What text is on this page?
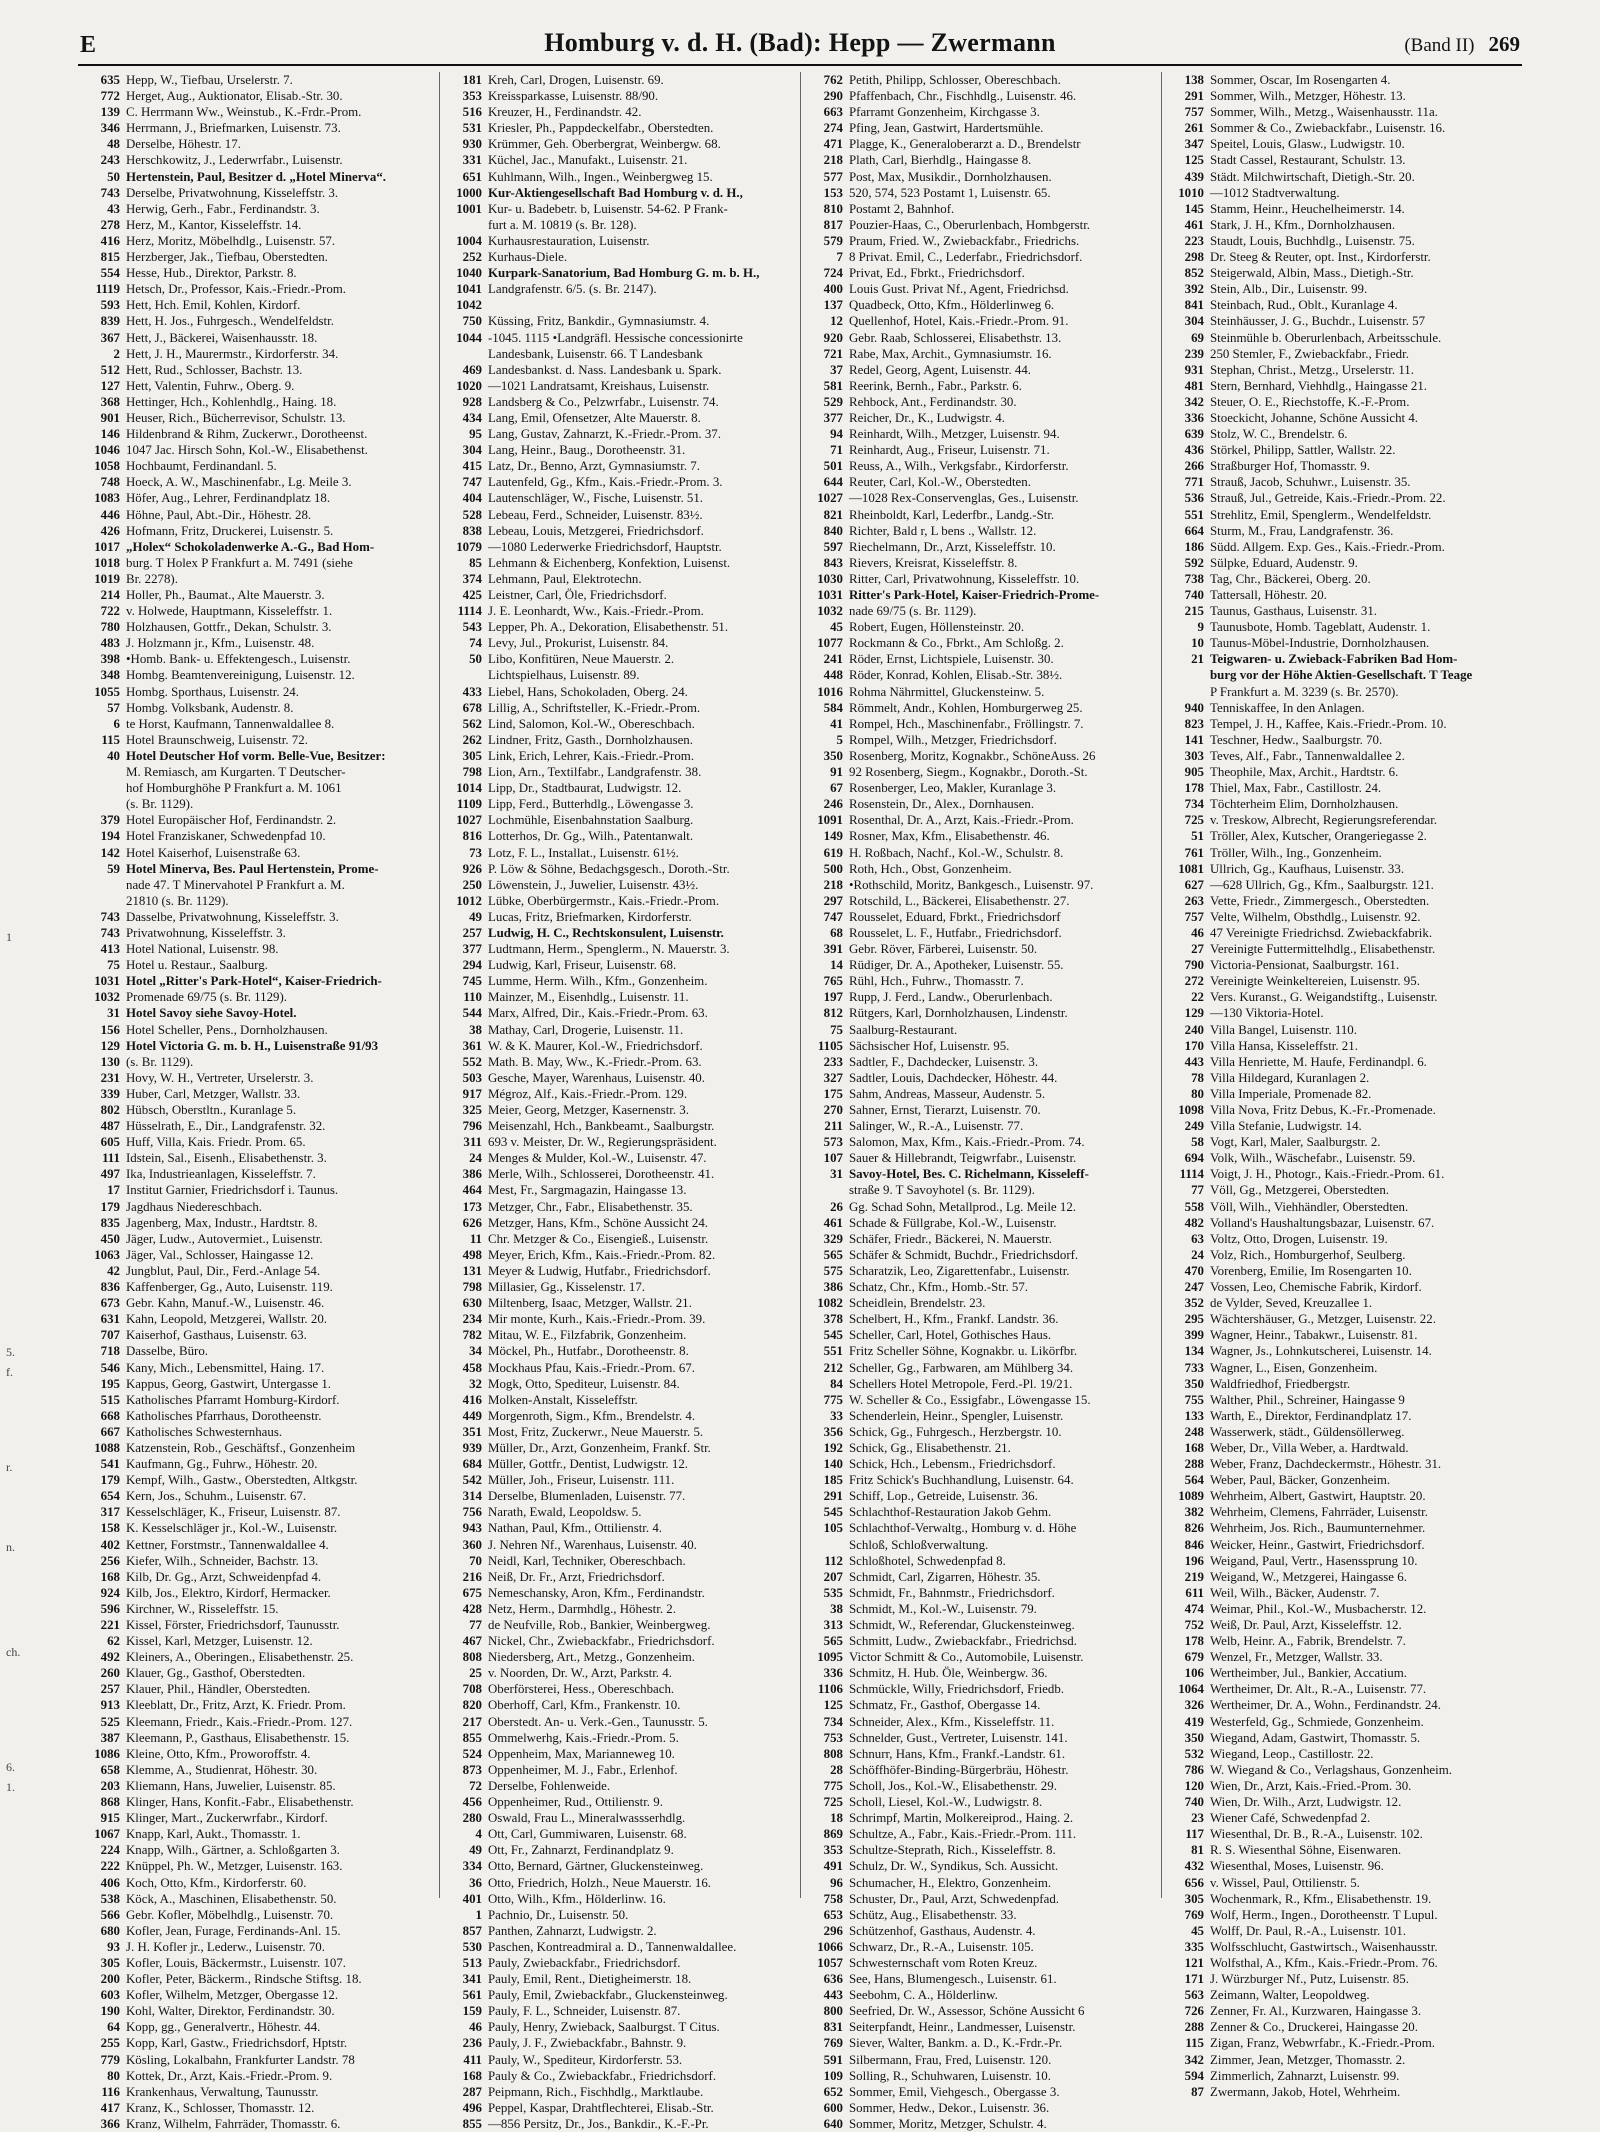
1
5.
f.
r.
n.
ch.
6.
1.
E	Homburg v. d. H. (Bad): Hepp — Zwermann	(Band II) 269
635 Hepp, W., Tiefbau, Urselerstr. 7.
772 Herget, Aug., Auktionator, Elisab.-Str. 30.
139 C. Herrmann Ww., Weinstub., K.-Frdr.-Prom.
346 Herrmann, J., Briefmarken, Luisenstr. 73.
48 Derselbe, Höhestr. 17.
243 Herschkowitz, J., Lederwrfabr., Luisenstr.
50 Hertenstein, Paul, Besitzer d. „Hotel Minerva“.
743 Derselbe, Privatwohnung, Kisseleffstr. 3.
43 Herwig, Gerh., Fabr., Ferdinandstr. 3.
278 Herz, M., Kantor, Kisseleffstr. 14.
416 Herz, Moritz, Möbelhdlg., Luisenstr. 57.
815 Herzberger, Jak., Tiefbau, Oberstedten.
554 Hesse, Hub., Direktor, Parkstr. 8.
1119 Hetsch, Dr., Professor, Kais.-Friedr.-Prom.
593 Hett, Hch. Emil, Kohlen, Kirdorf.
839 Hett, H. Jos., Fuhrgesch., Wendelfeldstr.
367 Hett, J., Bäckerei, Waisenhausstr. 18.
2 Hett, J. H., Maurermstr., Kirdorferstr. 34.
512 Hett, Rud., Schlosser, Bachstr. 13.
127 Hett, Valentin, Fuhrw., Oberg. 9.
368 Hettinger, Hch., Kohlenhdlg., Haing. 18.
901 Heuser, Rich., Bücherrevisor, Schulstr. 13.
146 Hildenbrand & Rihm, Zuckerwr., Dorotheenst.
1046 1047 Jac. Hirsch Sohn, Kol.-W., Elisabethenst.
1058 Hochbaumt, Ferdinandanl. 5.
748 Hoeck, A. W., Maschinenfabr., Lg. Meile 3.
1083 Höfer, Aug., Lehrer, Ferdinandplatz 18.
446 Höhne, Paul, Abt.-Dir., Höhestr. 28.
426 Hofmann, Fritz, Druckerei, Luisenstr. 5.
1017 „Holex“ Schokoladenwerke A.-G., Bad Hom-
1018 burg. T Holex P Frankfurt a. M. 7491 (siehe
1019 Br. 2278).
214 Holler, Ph., Baumat., Alte Mauerstr. 3.
722 v. Holwede, Hauptmann, Kisseleffstr. 1.
780 Holzhausen, Gottfr., Dekan, Schulstr. 3.
483 J. Holzmann jr., Kfm., Luisenstr. 48.
398 •Homb. Bank- u. Effektengesch., Luisenstr.
348 Hombg. Beamtenvereinigung, Luisenstr. 12.
1055 Hombg. Sporthaus, Luisenstr. 24.
57 Hombg. Volksbank, Audenstr. 8.
6 te Horst, Kaufmann, Tannenwaldallee 8.
115 Hotel Braunschweig, Luisenstr. 72.
40 Hotel Deutscher Hof vorm. Belle-Vue, Besitzer:
M. Remiasch, am Kurgarten. T Deutscher-
hof Homburghöhe P Frankfurt a. M. 1061
(s. Br. 1129).
379 Hotel Europäischer Hof, Ferdinandstr. 2.
194 Hotel Franziskaner, Schwedenpfad 10.
142 Hotel Kaiserhof, Luisenstraße 63.
59 Hotel Minerva, Bes. Paul Hertenstein, Prome-
nade 47. T Minervahotel P Frankfurt a. M.
21810 (s. Br. 1129).
743 Dasselbe, Privatwohnung, Kisseleffstr. 3.
743 Privatwohnung, Kisseleffstr. 3.
413 Hotel National, Luisenstr. 98.
75 Hotel u. Restaur., Saalburg.
1031 Hotel „Ritter's Park-Hotel“, Kaiser-Friedrich-
1032 Promenade 69/75 (s. Br. 1129).
31 Hotel Savoy siehe Savoy-Hotel.
156 Hotel Scheller, Pens., Dornholzhausen.
129 Hotel Victoria G. m. b. H., Luisenstraße 91/93
130 (s. Br. 1129).
231 Hovy, W. H., Vertreter, Urselerstr. 3.
339 Huber, Carl, Metzger, Wallstr. 33.
802 Hübsch, Oberstltn., Kuranlage 5.
487 Hüsselrath, E., Dir., Landgrafenstr. 32.
605 Huff, Villa, Kais. Friedr. Prom. 65.
111 Idstein, Sal., Eisenh., Elisabethenstr. 3.
497 Ika, Industrieanlagen, Kisseleffstr. 7.
17 Institut Garnier, Friedrichsdorf i. Taunus.
179 Jagdhaus Niedereschbach.
835 Jagenberg, Max, Industr., Hardtstr. 8.
450 Jäger, Ludw., Autovermiet., Luisenstr.
1063 Jäger, Val., Schlosser, Haingasse 12.
42 Jungblut, Paul, Dir., Ferd.-Anlage 54.
836 Kaffenberger, Gg., Auto, Luisenstr. 119.
673 Gebr. Kahn, Manuf.-W., Luisenstr. 46.
631 Kahn, Leopold, Metzgerei, Wallstr. 20.
707 Kaiserhof, Gasthaus, Luisenstr. 63.
718 Dasselbe, Büro.
546 Kany, Mich., Lebensmittel, Haing. 17.
195 Kappus, Georg, Gastwirt, Untergasse 1.
515 Katholisches Pfarramt Homburg-Kirdorf.
668 Katholisches Pfarrhaus, Dorotheenstr.
667 Katholisches Schwesternhaus.
1088 Katzenstein, Rob., Geschäftsf., Gonzenheim
541 Kaufmann, Gg., Fuhrw., Höhestr. 20.
179 Kempf, Wilh., Gastw., Oberstedten, Altkgstr.
654 Kern, Jos., Schuhm., Luisenstr. 67.
317 Kesselschläger, K., Friseur, Luisenstr. 87.
158 K. Kesselschläger jr., Kol.-W., Luisenstr.
402 Kettner, Forstmstr., Tannenwaldallee 4.
256 Kiefer, Wilh., Schneider, Bachstr. 13.
168 Kilb, Dr. Gg., Arzt, Schweidenpfad 4.
924 Kilb, Jos., Elektro, Kirdorf, Hermacker.
596 Kirchner, W., Risseleffstr. 15.
221 Kissel, Förster, Friedrichsdorf, Taunusstr.
62 Kissel, Karl, Metzger, Luisenstr. 12.
492 Kleiners, A., Oberingen., Elisabethenstr. 25.
260 Klauer, Gg., Gasthof, Oberstedten.
257 Klauer, Phil., Händler, Oberstedten.
913 Kleeblatt, Dr., Fritz, Arzt, K. Friedr. Prom.
525 Kleemann, Friedr., Kais.-Friedr.-Prom. 127.
387 Kleemann, P., Gasthaus, Elisabethenstr. 15.
1086 Kleine, Otto, Kfm., Proworoffstr. 4.
658 Klemme, A., Studienrat, Höhestr. 30.
203 Kliemann, Hans, Juwelier, Luisenstr. 85.
868 Klinger, Hans, Konfit.-Fabr., Elisabethenstr.
915 Klinger, Mart., Zuckerwrfabr., Kirdorf.
1067 Knapp, Karl, Aukt., Thomasstr. 1.
224 Knapp, Wilh., Gärtner, a. Schloßgarten 3.
222 Knüppel, Ph. W., Metzger, Luisenstr. 163.
406 Koch, Otto, Kfm., Kirdorferstr. 60.
538 Köck, A., Maschinen, Elisabethenstr. 50.
566 Gebr. Kofler, Möbelhdlg., Luisenstr. 70.
680 Kofler, Jean, Furage, Ferdinands-Anl. 15.
93 J. H. Kofler jr., Lederw., Luisenstr. 70.
305 Kofler, Louis, Bäckermstr., Luisenstr. 107.
200 Kofler, Peter, Bäckerm., Rindsche Stiftsg. 18.
603 Kofler, Wilhelm, Metzger, Obergasse 12.
190 Kohl, Walter, Direktor, Ferdinandstr. 30.
64 Kopp, gg., Generalvertr., Höhestr. 44.
255 Kopp, Karl, Gastw., Friedrichsdorf, Hptstr.
779 Kösling, Lokalbahn, Frankfurter Landstr. 78
80 Kottek, Dr., Arzt, Kais.-Friedr.-Prom. 9.
116 Krankenhaus, Verwaltung, Taunusstr.
417 Kranz, K., Schlosser, Thomasstr. 12.
366 Kranz, Wilhelm, Fahrräder, Thomasstr. 6.
181 Kreh, Carl, Drogen, Luisenstr. 69.
353 Kreissparkasse, Luisenstr. 88/90.
516 Kreuzer, H., Ferdinandstr. 42.
531 Kriesler, Ph., Pappdeckelfabr., Oberstedten.
930 Krümmer, Geh. Oberbergrat, Weinbergw. 68.
331 Küchel, Jac., Manufakt., Luisenstr. 21.
651 Kuhlmann, Wilh., Ingen., Weinbergweg 15.
1000 Kur-Aktiengesellschaft Bad Homburg v. d. H.,
1001 Kur- u. Badebetr. b, Luisenstr. 54-62. P Frank-
furt a. M. 10819 (s. Br. 128).
1004 Kurhausrestauration, Luisenstr.
252 Kurhaus-Diele.
1040 Kurpark-Sanatorium, Bad Homburg G. m. b. H.,
1041 Landgrafenstr. 6/5. (s. Br. 2147).
1042
750 Küssing, Fritz, Bankdir., Gymnasiumstr. 4.
1044 -1045. 1115 •Landgräfl. Hessische concessionirte
Landesbank, Luisenstr. 66. T Landesbank
469 Landesbankst. d. Nass. Landesbank u. Spark.
1020 —1021 Landratsamt, Kreishaus, Luisenstr.
928 Landsberg & Co., Pelzwrfabr., Luisenstr. 74.
434 Lang, Emil, Ofensetzer, Alte Mauerstr. 8.
95 Lang, Gustav, Zahnarzt, K.-Friedr.-Prom. 37.
304 Lang, Heinr., Baug., Dorotheenstr. 31.
415 Latz, Dr., Benno, Arzt, Gymnasiumstr. 7.
747 Lautenfeld, Gg., Kfm., Kais.-Friedr.-Prom. 3.
404 Lautenschläger, W., Fische, Luisenstr. 51.
528 Lebeau, Ferd., Schneider, Luisenstr. 83½.
838 Lebeau, Louis, Metzgerei, Friedrichsdorf.
1079 —1080 Lederwerke Friedrichsdorf, Hauptstr.
85 Lehmann & Eichenberg, Konfektion, Luisenst.
374 Lehmann, Paul, Elektrotechn.
425 Leistner, Carl, Öle, Friedrichsdorf.
1114 J. E. Leonhardt, Ww., Kais.-Friedr.-Prom.
543 Lepper, Ph. A., Dekoration, Elisabethenstr. 51.
74 Levy, Jul., Prokurist, Luisenstr. 84.
50 Libo, Konfitüren, Neue Mauerstr. 2.
Lichtspielhaus, Luisenstr. 89.
433 Liebel, Hans, Schokoladen, Oberg. 24.
678 Lillig, A., Schriftsteller, K.-Friedr.-Prom.
562 Lind, Salomon, Kol.-W., Obereschbach.
262 Lindner, Fritz, Gasth., Dornholzhausen.
305 Link, Erich, Lehrer, Kais.-Friedr.-Prom.
798 Lion, Arn., Textilfabr., Landgrafenstr. 38.
1014 Lipp, Dr., Stadtbaurat, Ludwigstr. 12.
1109 Lipp, Ferd., Butterhdlg., Löwengasse 3.
1027 Lochmühle, Eisenbahnstation Saalburg.
816 Lotterhos, Dr. Gg., Wilh., Patentanwalt.
73 Lotz, F. L., Installat., Luisenstr. 61½.
926 P. Löw & Söhne, Bedachgsgesch., Doroth.-Str.
250 Löwenstein, J., Juwelier, Luisenstr. 43½.
1012 Lübke, Oberbürgermstr., Kais.-Friedr.-Prom.
49 Lucas, Fritz, Briefmarken, Kirdorferstr.
257 Ludwig, H. C., Rechtskonsulent, Luisenstr.
377 Ludtmann, Herm., Spenglerm., N. Mauerstr. 3.
294 Ludwig, Karl, Friseur, Luisenstr. 68.
745 Lumme, Herm. Wilh., Kfm., Gonzenheim.
110 Mainzer, M., Eisenhdlg., Luisenstr. 11.
544 Marx, Alfred, Dir., Kais.-Friedr.-Prom. 63.
38 Mathay, Carl, Drogerie, Luisenstr. 11.
361 W. & K. Maurer, Kol.-W., Friedrichsdorf.
552 Math. B. May, Ww., K.-Friedr.-Prom. 63.
503 Gesche, Mayer, Warenhaus, Luisenstr. 40.
917 Mégroz, Alf., Kais.-Friedr.-Prom. 129.
325 Meier, Georg, Metzger, Kasernenstr. 3.
796 Meisenzahl, Hch., Bankbeamt., Saalburgstr.
311 693 v. Meister, Dr. W., Regierungspräsident.
24 Menges & Mulder, Kol.-W., Luisenstr. 47.
386 Merle, Wilh., Schlosserei, Dorotheenstr. 41.
464 Mest, Fr., Sargmagazin, Haingasse 13.
173 Metzger, Chr., Fabr., Elisabethenstr. 35.
626 Metzger, Hans, Kfm., Schöne Aussicht 24.
11 Chr. Metzger & Co., Eisengieß., Luisenstr.
498 Meyer, Erich, Kfm., Kais.-Friedr.-Prom. 82.
131 Meyer & Ludwig, Hutfabr., Friedrichsdorf.
798 Millasier, Gg., Kisselenstr. 17.
630 Miltenberg, Isaac, Metzger, Wallstr. 21.
234 Mir monte, Kurh., Kais.-Friedr.-Prom. 39.
782 Mitau, W. E., Filzfabrik, Gonzenheim.
34 Möckel, Ph., Hutfabr., Dorotheenstr. 8.
458 Mockhaus Pfau, Kais.-Friedr.-Prom. 67.
32 Mogk, Otto, Spediteur, Luisenstr. 84.
416 Molken-Anstalt, Kisseleffstr.
449 Morgenroth, Sigm., Kfm., Brendelstr. 4.
351 Most, Fritz, Zuckerwr., Neue Mauerstr. 5.
939 Müller, Dr., Arzt, Gonzenheim, Frankf. Str.
684 Müller, Gottfr., Dentist, Ludwigstr. 12.
542 Müller, Joh., Friseur, Luisenstr. 111.
314 Derselbe, Blumenladen, Luisenstr. 77.
756 Narath, Ewald, Leopoldsw. 5.
943 Nathan, Paul, Kfm., Ottilienstr. 4.
360 J. Nehren Nf., Warenhaus, Luisenstr. 40.
70 Neidl, Karl, Techniker, Obereschbach.
216 Neiß, Dr. Fr., Arzt, Friedrichsdorf.
675 Nemeschansky, Aron, Kfm., Ferdinandstr.
428 Netz, Herm., Darmhdlg., Höhestr. 2.
77 de Neufville, Rob., Bankier, Weinbergweg.
467 Nickel, Chr., Zwiebackfabr., Friedrichsdorf.
808 Niedersberg, Art., Metzg., Gonzenheim.
25 v. Noorden, Dr. W., Arzt, Parkstr. 4.
708 Oberförsterei, Hess., Obereschbach.
820 Oberhoff, Carl, Kfm., Frankenstr. 10.
217 Oberstedt. An- u. Verk.-Gen., Taunusstr. 5.
855 Ommelwerhg, Kais.-Friedr.-Prom. 5.
524 Oppenheim, Max, Marianneweg 10.
873 Oppenheimer, M. J., Fabr., Erlenhof.
72 Derselbe, Fohlenweide.
456 Oppenheimer, Rud., Ottilienstr. 9.
280 Oswald, Frau L., Mineralwassserhdlg.
4 Ott, Carl, Gummiwaren, Luisenstr. 68.
49 Ott, Fr., Zahnarzt, Ferdinandplatz 9.
334 Otto, Bernard, Gärtner, Gluckensteinweg.
36 Otto, Friedrich, Holzh., Neue Mauerstr. 16.
401 Otto, Wilh., Kfm., Hölderlinw. 16.
1 Pachnio, Dr., Luisenstr. 50.
857 Panthen, Zahnarzt, Ludwigstr. 2.
530 Paschen, Kontreadmiral a. D., Tannenwaldallee.
513 Pauly, Zwiebackfabr., Friedrichsdorf.
341 Pauly, Emil, Rent., Dietigheimerstr. 18.
561 Pauly, Emil, Zwiebackfabr., Gluckensteinweg.
159 Pauly, F. L., Schneider, Luisenstr. 87.
46 Pauly, Henry, Zwieback, Saalburgst. T Citus.
236 Pauly, J. F., Zwiebackfabr., Bahnstr. 9.
411 Pauly, W., Spediteur, Kirdorferstr. 53.
168 Pauly & Co., Zwiebackfabr., Friedrichsdorf.
287 Peipmann, Rich., Fischhdlg., Marktlaube.
496 Peppel, Kaspar, Drahtflechterei, Elisab.-Str.
855 —856 Persitz, Dr., Jos., Bankdir., K.-F.-Pr.
762 Petith, Philipp, Schlosser, Obereschbach.
290 Pfaffenbach, Chr., Fischhdlg., Luisenstr. 46.
663 Pfarramt Gonzenheim, Kirchgasse 3.
274 Pfing, Jean, Gastwirt, Hardertsmühle.
471 Plagge, K., Generaloberarzt a. D., Brendelstr
218 Plath, Carl, Bierhdlg., Haingasse 8.
577 Post, Max, Musikdir., Dornholzhausen.
153 520, 574, 523 Postamt 1, Luisenstr. 65.
810 Postamt 2, Bahnhof.
817 Pouzier-Haas, C., Oberurlenbach, Hombgerstr.
579 Praum, Fried. W., Zwiebackfabr., Friedrichs.
7 8 Privat. Emil, C., Lederfabr., Friedrichsdorf.
724 Privat, Ed., Fbrkt., Friedrichsdorf.
400 Louis Gust. Privat Nf., Agent, Friedrichsd.
137 Quadbeck, Otto, Kfm., Hölderlinweg 6.
12 Quellenhof, Hotel, Kais.-Friedr.-Prom. 91.
920 Gebr. Raab, Schlosserei, Elisabethstr. 13.
721 Rabe, Max, Archit., Gymnasiumstr. 16.
37 Redel, Georg, Agent, Luisenstr. 44.
581 Reerink, Bernh., Fabr., Parkstr. 6.
529 Rehbock, Ant., Ferdinandstr. 30.
377 Reicher, Dr., K., Ludwigstr. 4.
94 Reinhardt, Wilh., Metzger, Luisenstr. 94.
71 Reinhardt, Aug., Friseur, Luisenstr. 71.
501 Reuss, A., Wilh., Verkgsfabr., Kirdorferstr.
644 Reuter, Carl, Kol.-W., Oberstedten.
1027 —1028 Rex-Conservenglas, Ges., Luisenstr.
821 Rheinboldt, Karl, Lederfbr., Landg.-Str.
840 Richter, Bald r, L bens ., Wallstr. 12.
597 Riechelmann, Dr., Arzt, Kisseleffstr. 10.
843 Rievers, Kreisrat, Kisseleffstr. 8.
1030 Ritter, Carl, Privatwohnung, Kisseleffstr. 10.
1031 Ritter's Park-Hotel, Kaiser-Friedrich-Prome-
1032 nade 69/75 (s. Br. 1129).
45 Robert, Eugen, Höllensteinstr. 20.
1077 Rockmann & Co., Fbrkt., Am Schloßg. 2.
241 Röder, Ernst, Lichtspiele, Luisenstr. 30.
448 Röder, Konrad, Kohlen, Elisab.-Str. 38½.
1016 Rohma Nährmittel, Gluckensteinw. 5.
584 Römmelt, Andr., Kohlen, Homburgerweg 25.
41 Rompel, Hch., Maschinenfabr., Fröllingstr. 7.
5 Rompel, Wilh., Metzger, Friedrichsdorf.
350 Rosenberg, Moritz, Kognakbr., SchöneAuss. 26
91 92 Rosenberg, Siegm., Kognakbr., Doroth.-St.
67 Rosenberger, Leo, Makler, Kuranlage 3.
246 Rosenstein, Dr., Alex., Dornhausen.
1091 Rosenthal, Dr. A., Arzt, Kais.-Friedr.-Prom.
149 Rosner, Max, Kfm., Elisabethenstr. 46.
619 H. Roßbach, Nachf., Kol.-W., Schulstr. 8.
500 Roth, Hch., Obst, Gonzenheim.
218 •Rothschild, Moritz, Bankgesch., Luisenstr. 97.
297 Rotschild, L., Bäckerei, Elisabethenstr. 27.
747 Rousselet, Eduard, Fbrkt., Friedrichsdorf
68 Rousselet, L. F., Hutfabr., Friedrichsdorf.
391 Gebr. Röver, Färberei, Luisenstr. 50.
14 Rüdiger, Dr. A., Apotheker, Luisenstr. 55.
765 Rühl, Hch., Fuhrw., Thomasstr. 7.
197 Rupp, J. Ferd., Landw., Oberurlenbach.
812 Rütgers, Karl, Dornholzhausen, Lindenstr.
75 Saalburg-Restaurant.
1105 Sächsischer Hof, Luisenstr. 95.
233 Sadtler, F., Dachdecker, Luisenstr. 3.
327 Sadtler, Louis, Dachdecker, Höhestr. 44.
175 Sahm, Andreas, Masseur, Audenstr. 5.
270 Sahner, Ernst, Tierarzt, Luisenstr. 70.
211 Salinger, W., R.-A., Luisenstr. 77.
573 Salomon, Max, Kfm., Kais.-Friedr.-Prom. 74.
107 Sauer & Hillebrandt, Teigwrfabr., Luisenstr.
31 Savoy-Hotel, Bes. C. Richelmann, Kisseleff-
straße 9. T Savoyhotel (s. Br. 1129).
26 Gg. Schad Sohn, Metallprod., Lg. Meile 12.
461 Schade & Füllgrabe, Kol.-W., Luisenstr.
329 Schäfer, Friedr., Bäckerei, N. Mauerstr.
565 Schäfer & Schmidt, Buchdr., Friedrichsdorf.
575 Scharatzik, Leo, Zigarettenfabr., Luisenstr.
386 Schatz, Chr., Kfm., Homb.-Str. 57.
1082 Scheidlein, Brendelstr. 23.
378 Schelbert, H., Kfm., Frankf. Landstr. 36.
545 Scheller, Carl, Hotel, Gothisches Haus.
551 Fritz Scheller Söhne, Kognakbr. u. Likörfbr.
212 Scheller, Gg., Farbwaren, am Mühlberg 34.
84 Schellers Hotel Metropole, Ferd.-Pl. 19/21.
775 W. Scheller & Co., Essigfabr., Löwengasse 15.
33 Schenderlein, Heinr., Spengler, Luisenstr.
356 Schick, Gg., Fuhrgesch., Herzbergstr. 10.
192 Schick, Gg., Elisabethenstr. 21.
140 Schick, Hch., Lebensm., Friedrichsdorf.
185 Fritz Schick's Buchhandlung, Luisenstr. 64.
291 Schiff, Lop., Getreide, Luisenstr. 36.
545 Schlachthof-Restauration Jakob Gehm.
105 Schlachthof-Verwaltg., Homburg v. d. Höhe
Schloß, Schloßverwaltung.
112 Schloßhotel, Schwedenpfad 8.
207 Schmidt, Carl, Zigarren, Höhestr. 35.
535 Schmidt, Fr., Bahnmstr., Friedrichsdorf.
38 Schmidt, M., Kol.-W., Luisenstr. 79.
313 Schmidt, W., Referendar, Gluckensteinweg.
565 Schmitt, Ludw., Zwiebackfabr., Friedrichsd.
1095 Victor Schmitt & Co., Automobile, Luisenstr.
336 Schmitz, H. Hub. Öle, Weinbergw. 36.
1106 Schmückle, Willy, Friedrichsdorf, Friedb.
125 Schmatz, Fr., Gasthof, Obergasse 14.
734 Schneider, Alex., Kfm., Kisseleffstr. 11.
753 Schnelder, Gust., Vertreter, Luisenstr. 141.
808 Schnurr, Hans, Kfm., Frankf.-Landstr. 61.
28 Schöffhöfer-Binding-Bürgerbräu, Höhestr.
775 Scholl, Jos., Kol.-W., Elisabethenstr. 29.
725 Scholl, Liesel, Kol.-W., Ludwigstr. 8.
18 Schrimpf, Martin, Molkereiprod., Haing. 2.
869 Schultze, A., Fabr., Kais.-Friedr.-Prom. 111.
353 Schultze-Steprath, Rich., Kisseleffstr. 8.
491 Schulz, Dr. W., Syndikus, Sch. Aussicht.
96 Schumacher, H., Elektro, Gonzenheim.
758 Schuster, Dr., Paul, Arzt, Schwedenpfad.
653 Schütz, Aug., Elisabethenstr. 33.
296 Schützenhof, Gasthaus, Audenstr. 4.
1066 Schwarz, Dr., R.-A., Luisenstr. 105.
1057 Schwesternschaft vom Roten Kreuz.
636 See, Hans, Blumengesch., Luisenstr. 61.
443 Seebohm, C. A., Hölderlinw.
800 Seefried, Dr. W., Assessor, Schöne Aussicht 6
831 Seiterpfandt, Heinr., Landmesser, Luisenstr.
769 Siever, Walter, Bankm. a. D., K.-Frdr.-Pr.
591 Silbermann, Frau, Fred, Luisenstr. 120.
109 Solling, R., Schuhwaren, Luisenstr. 10.
652 Sommer, Emil, Viehgesch., Obergasse 3.
600 Sommer, Hedw., Dekor., Luisenstr. 36.
640 Sommer, Moritz, Metzger, Schulstr. 4.
138 Sommer, Oscar, Im Rosengarten 4.
291 Sommer, Wilh., Metzger, Höhestr. 13.
757 Sommer, Wilh., Metzg., Waisenhausstr. 11a.
261 Sommer & Co., Zwiebackfabr., Luisenstr. 16.
347 Speitel, Louis, Glasw., Ludwigstr. 10.
125 Stadt Cassel, Restaurant, Schulstr. 13.
439 Städt. Milchwirtschaft, Dietigh.-Str. 20.
1010 —1012 Stadtverwaltung.
145 Stamm, Heinr., Heuchelheimerstr. 14.
461 Stark, J. H., Kfm., Dornholzhausen.
223 Staudt, Louis, Buchhdlg., Luisenstr. 75.
298 Dr. Steeg & Reuter, opt. Inst., Kirdorferstr.
852 Steigerwald, Albin, Mass., Dietigh.-Str.
392 Stein, Alb., Dir., Luisenstr. 99.
841 Steinbach, Rud., Oblt., Kuranlage 4.
304 Steinhäusser, J. G., Buchdr., Luisenstr. 57
69 Steinmühle b. Oberurlenbach, Arbeitsschule.
239 250 Stemler, F., Zwiebackfabr., Friedr.
931 Stephan, Christ., Metzg., Urselerstr. 11.
481 Stern, Bernhard, Viehhdlg., Haingasse 21.
342 Steuer, O. E., Riechstoffe, K.-F.-Prom.
336 Stoeckicht, Johanne, Schöne Aussicht 4.
639 Stolz, W. C., Brendelstr. 6.
436 Störkel, Philipp, Sattler, Wallstr. 22.
266 Straßburger Hof, Thomasstr. 9.
771 Strauß, Jacob, Schuhwr., Luisenstr. 35.
536 Strauß, Jul., Getreide, Kais.-Friedr.-Prom. 22.
551 Strehlitz, Emil, Spenglerm., Wendelfeldstr.
664 Sturm, M., Frau, Landgrafenstr. 36.
186 Südd. Allgem. Exp. Ges., Kais.-Friedr.-Prom.
592 Sülpke, Eduard, Audenstr. 9.
738 Tag, Chr., Bäckerei, Oberg. 20.
740 Tattersall, Höhestr. 20.
215 Taunus, Gasthaus, Luisenstr. 31.
9 Taunusbote, Homb. Tageblatt, Audenstr. 1.
10 Taunus-Möbel-Industrie, Dornholzhausen.
21 Teigwaren- u. Zwieback-Fabriken Bad Hom-
burg vor der Höhe Aktien-Gesellschaft. T Teage
P Frankfurt a. M. 3239 (s. Br. 2570).
940 Tenniskaffee, In den Anlagen.
823 Tempel, J. H., Kaffee, Kais.-Friedr.-Prom. 10.
141 Teschner, Hedw., Saalburgstr. 70.
303 Teves, Alf., Fabr., Tannenwaldallee 2.
905 Theophile, Max, Archit., Hardtstr. 6.
178 Thiel, Max, Fabr., Castillostr. 24.
734 Töchterheim Elim, Dornholzhausen.
725 v. Treskow, Albrecht, Regierungsreferendar.
51 Tröller, Alex, Kutscher, Orangeriegasse 2.
761 Tröller, Wilh., Ing., Gonzenheim.
1081 Ullrich, Gg., Kaufhaus, Luisenstr. 33.
627 —628 Ullrich, Gg., Kfm., Saalburgstr. 121.
263 Vette, Friedr., Zimmergesch., Oberstedten.
757 Velte, Wilhelm, Obsthdlg., Luisenstr. 92.
46 47 Vereinigte Friedrichsd. Zwiebackfabrik.
27 Vereinigte Futtermittelhdlg., Elisabethenstr.
790 Victoria-Pensionat, Saalburgstr. 161.
272 Vereinigte Weinkeltereien, Luisenstr. 95.
22 Vers. Kuranst., G. Weigandstiftg., Luisenstr.
129 —130 Viktoria-Hotel.
240 Villa Bangel, Luisenstr. 110.
170 Villa Hansa, Kisseleffstr. 21.
443 Villa Henriette, M. Haufe, Ferdinandpl. 6.
78 Villa Hildegard, Kuranlagen 2.
80 Villa Imperiale, Promenade 82.
1098 Villa Nova, Fritz Debus, K.-Fr.-Promenade.
249 Villa Stefanie, Ludwigstr. 14.
58 Vogt, Karl, Maler, Saalburgstr. 2.
694 Volk, Wilh., Wäschefabr., Luisenstr. 59.
1114 Voigt, J. H., Photogr., Kais.-Friedr.-Prom. 61.
77 Völl, Gg., Metzgerei, Oberstedten.
558 Völl, Wilh., Viehhändler, Oberstedten.
482 Volland's Haushaltungsbazar, Luisenstr. 67.
63 Voltz, Otto, Drogen, Luisenstr. 19.
24 Volz, Rich., Homburgerhof, Seulberg.
470 Vorenberg, Emilie, Im Rosengarten 10.
247 Vossen, Leo, Chemische Fabrik, Kirdorf.
352 de Vylder, Seved, Kreuzallee 1.
295 Wächtershäuser, G., Metzger, Luisenstr. 22.
399 Wagner, Heinr., Tabakwr., Luisenstr. 81.
134 Wagner, Js., Lohnkutscherei, Luisenstr. 14.
733 Wagner, L., Eisen, Gonzenheim.
350 Waldfriedhof, Friedbergstr.
755 Walther, Phil., Schreiner, Haingasse 9
133 Warth, E., Direktor, Ferdinandplatz 17.
248 Wasserwerk, städt., Güldensöllerweg.
168 Weber, Dr., Villa Weber, a. Hardtwald.
288 Weber, Franz, Dachdeckermstr., Höhestr. 31.
564 Weber, Paul, Bäcker, Gonzenheim.
1089 Wehrheim, Albert, Gastwirt, Hauptstr. 20.
382 Wehrheim, Clemens, Fahrräder, Luisenstr.
826 Wehrheim, Jos. Rich., Baumunternehmer.
846 Weicker, Heinr., Gastwirt, Friedrichsdorf.
196 Weigand, Paul, Vertr., Hasenssprung 10.
219 Weigand, W., Metzgerei, Haingasse 6.
611 Weil, Wilh., Bäcker, Audenstr. 7.
474 Weimar, Phil., Kol.-W., Musbacherstr. 12.
752 Weiß, Dr. Paul, Arzt, Kisseleffstr. 12.
178 Welb, Heinr. A., Fabrik, Brendelstr. 7.
679 Wenzel, Fr., Metzger, Wallstr. 33.
106 Wertheimber, Jul., Bankier, Accatium.
1064 Wertheimer, Dr. Alt., R.-A., Luisenstr. 77.
326 Wertheimer, Dr. A., Wohn., Ferdinandstr. 24.
419 Westerfeld, Gg., Schmiede, Gonzenheim.
350 Wiegand, Adam, Gastwirt, Thomasstr. 5.
532 Wiegand, Leop., Castillostr. 22.
786 W. Wiegand & Co., Verlagshaus, Gonzenheim.
120 Wien, Dr., Arzt, Kais.-Fried.-Prom. 30.
740 Wien, Dr. Wilh., Arzt, Ludwigstr. 12.
23 Wiener Café, Schwedenpfad 2.
117 Wiesenthal, Dr. B., R.-A., Luisenstr. 102.
81 R. S. Wiesenthal Söhne, Eisenwaren.
432 Wiesenthal, Moses, Luisenstr. 96.
656 v. Wissel, Paul, Ottilienstr. 5.
305 Wochenmark, R., Kfm., Elisabethenstr. 19.
769 Wolf, Herm., Ingen., Dorotheenstr. T Lupul.
45 Wolff, Dr. Paul, R.-A., Luisenstr. 101.
335 Wolfsschlucht, Gastwirtsch., Waisenhausstr.
121 Wolfsthal, A., Kfm., Kais.-Friedr.-Prom. 76.
171 J. Würzburger Nf., Putz, Luisenstr. 85.
563 Zeimann, Walter, Leopoldweg.
726 Zenner, Fr. Al., Kurzwaren, Haingasse 3.
288 Zenner & Co., Druckerei, Haingasse 20.
115 Zigan, Franz, Webwrfabr., K.-Friedr.-Prom.
342 Zimmer, Jean, Metzger, Thomasstr. 2.
594 Zimmerlich, Zahnarzt, Luisenstr. 99.
87 Zwermann, Jakob, Hotel, Wehrheim.
